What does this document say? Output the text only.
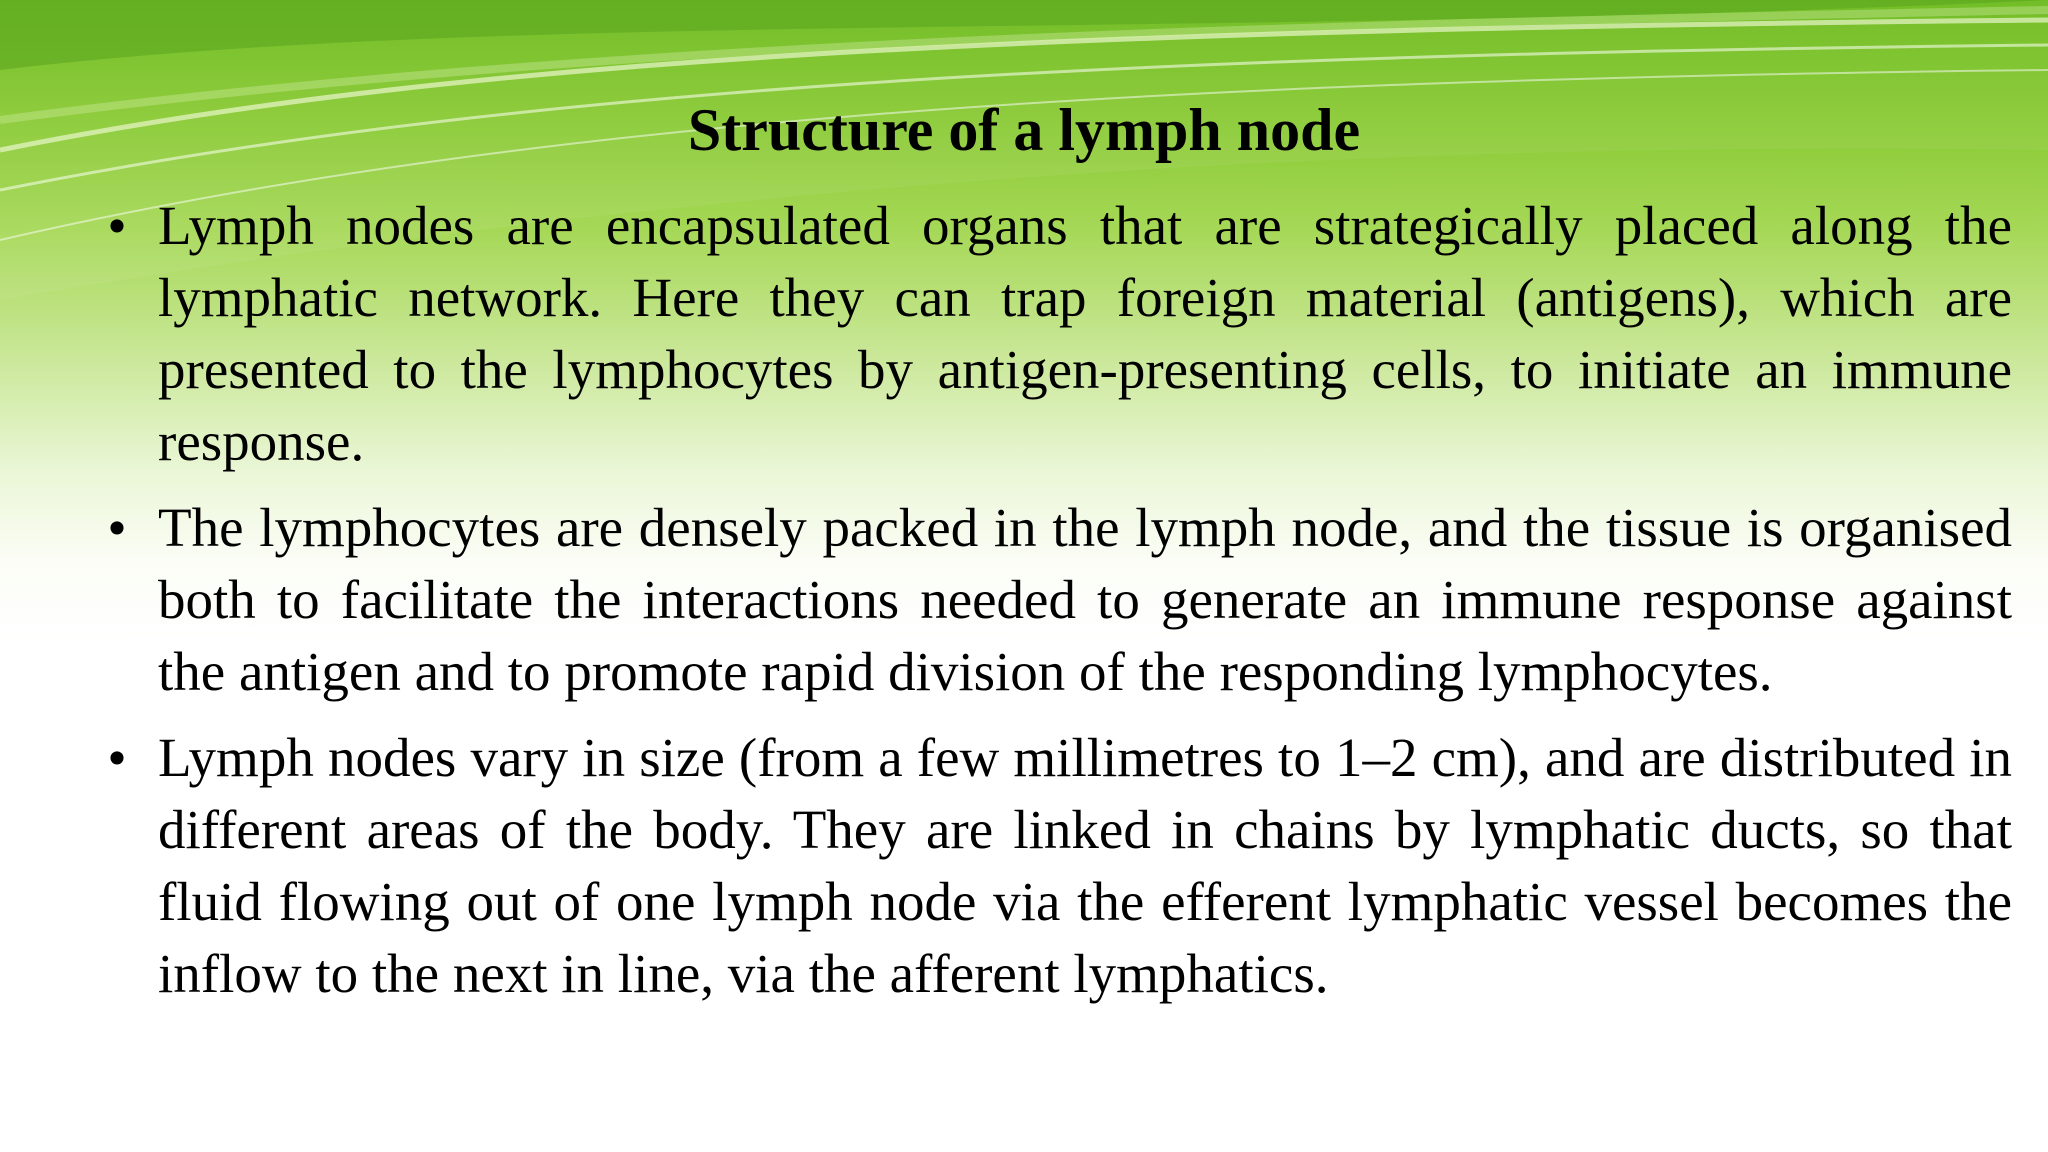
Structure of a lymph node
• Lymph nodes are encapsulated organs that are strategically placed along the lymphatic network. Here they can trap foreign material (antigens), which are presented to the lymphocytes by antigen-presenting cells, to initiate an immune response.
• The lymphocytes are densely packed in the lymph node, and the tissue is organised both to facilitate the interactions needed to generate an immune response against the antigen and to promote rapid division of the responding lymphocytes.
• Lymph nodes vary in size (from a few millimetres to 1–2 cm), and are distributed in different areas of the body. They are linked in chains by lymphatic ducts, so that fluid flowing out of one lymph node via the efferent lymphatic vessel becomes the inflow to the next in line, via the afferent lymphatics.
